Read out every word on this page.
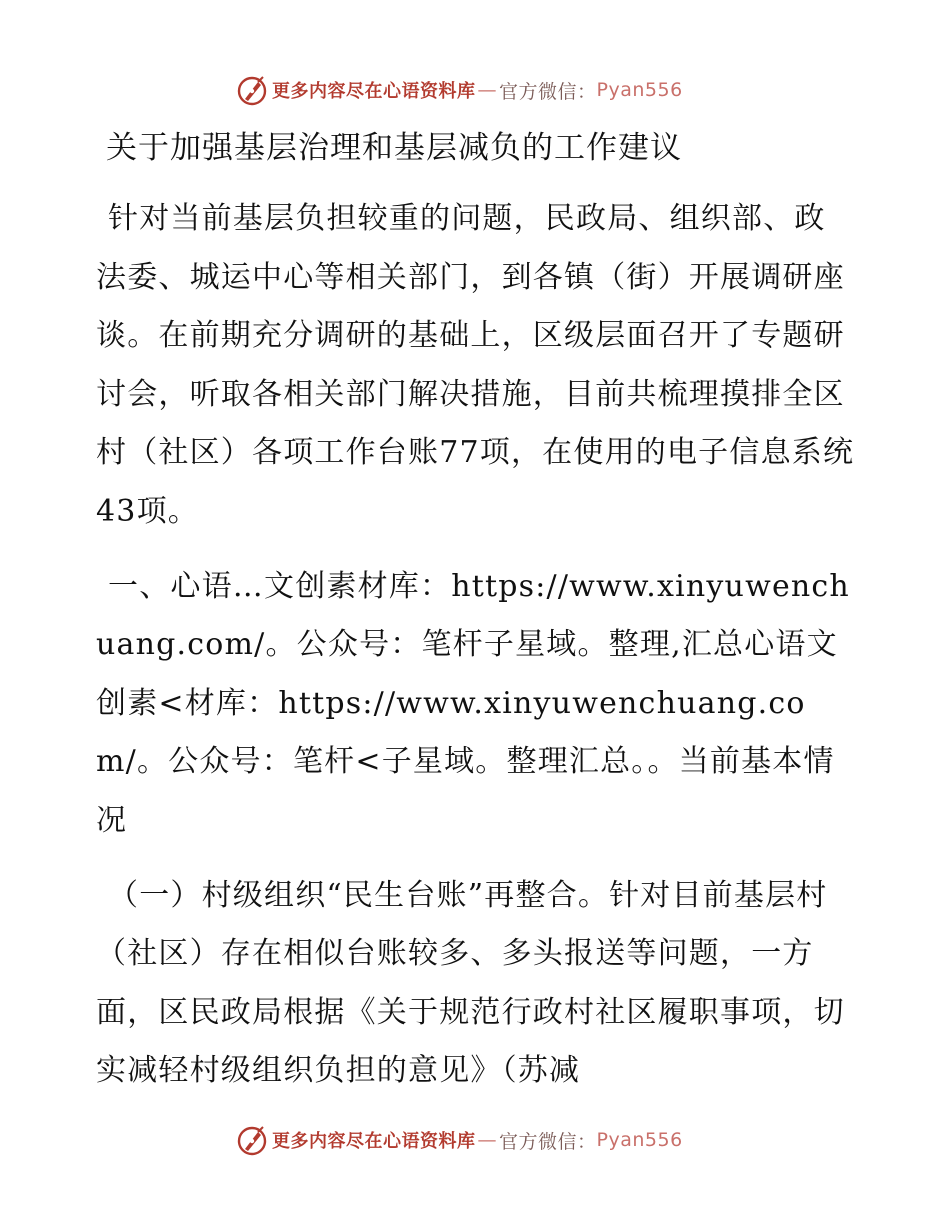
更多内容尽在心语资料库 — 官方微信： Pyan556
关于加强基层治理和基层减负的工作建议

针对当前基层负担较重的问题，民政局、组织部、政法委、城运中心等相关部门，到各镇（街）开展调研座谈。在前期充分调研的基础上，区级层面召开了专题研讨会，听取各相关部门解决措施，目前共梳理摸排全区村（社区）各项工作台账77项，在使用的电子信息系统43项。

一、心语…文创素材库：https://www.xinyuwenchuang.com/。公众号：笔杆子星域。整理,汇总心语文创素<材库：https://www.xinyuwenchuang.com/。公众号：笔杆<子星域。整理汇总。。当前基本情况

（一）村级组织“民生台账”再整合。针对目前基层村（社区）存在相似台账较多、多头报送等问题，一方面，区民政局根据《关于规范行政村社区履职事项，切实减轻村级组织负担的意见》（苏减

更多内容尽在心语资料库 — 官方微信： Pyan556
